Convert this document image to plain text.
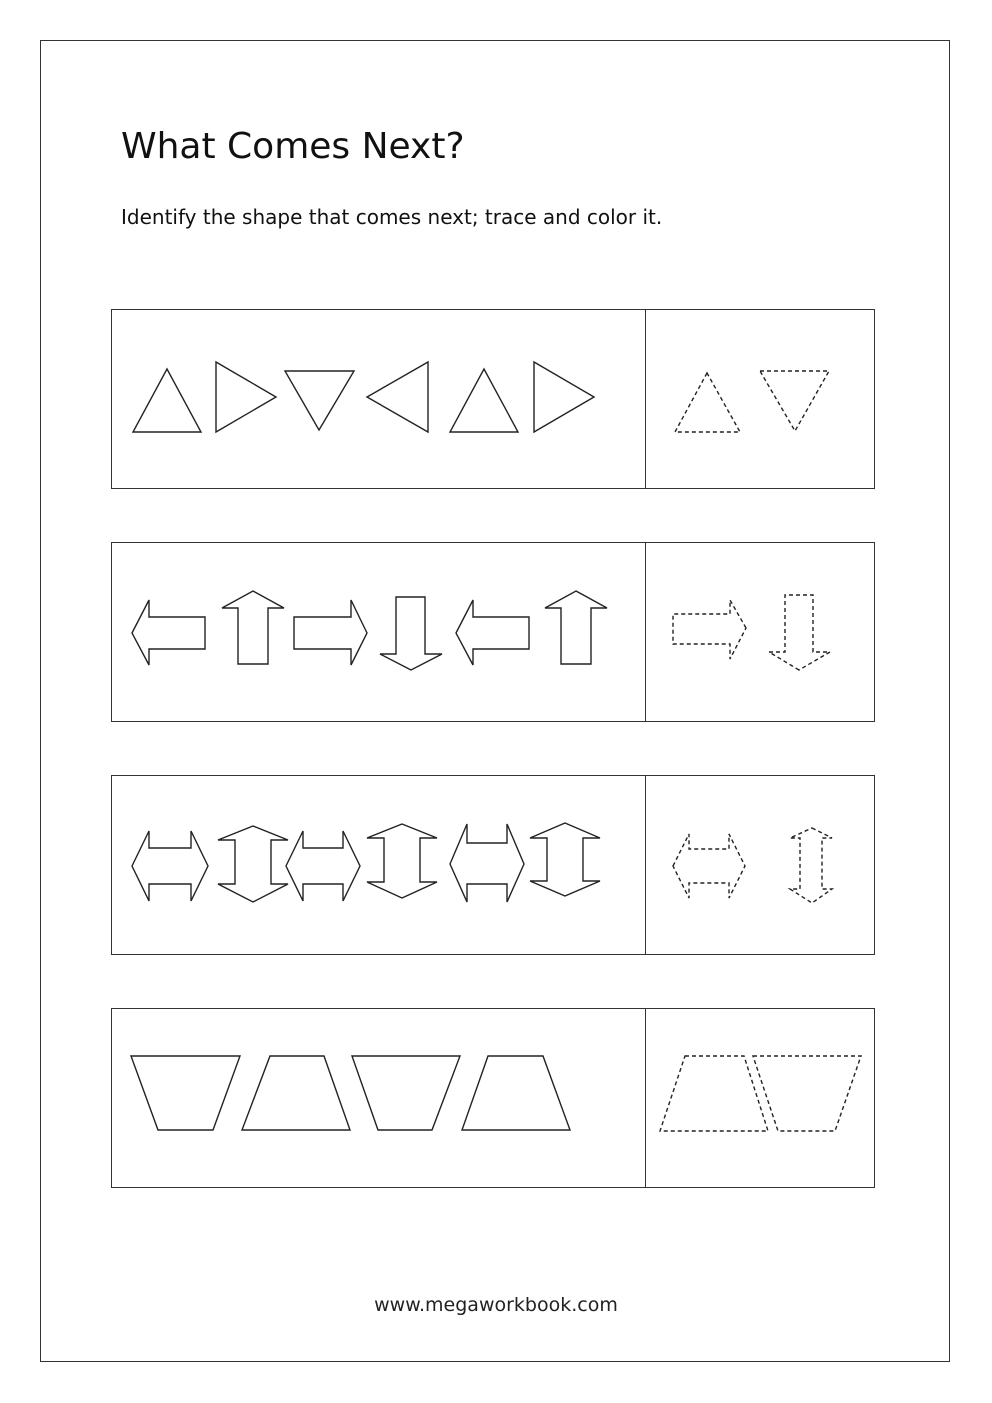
What Comes Next?
Identify the shape that comes next; trace and color it.
www.megaworkbook.com
